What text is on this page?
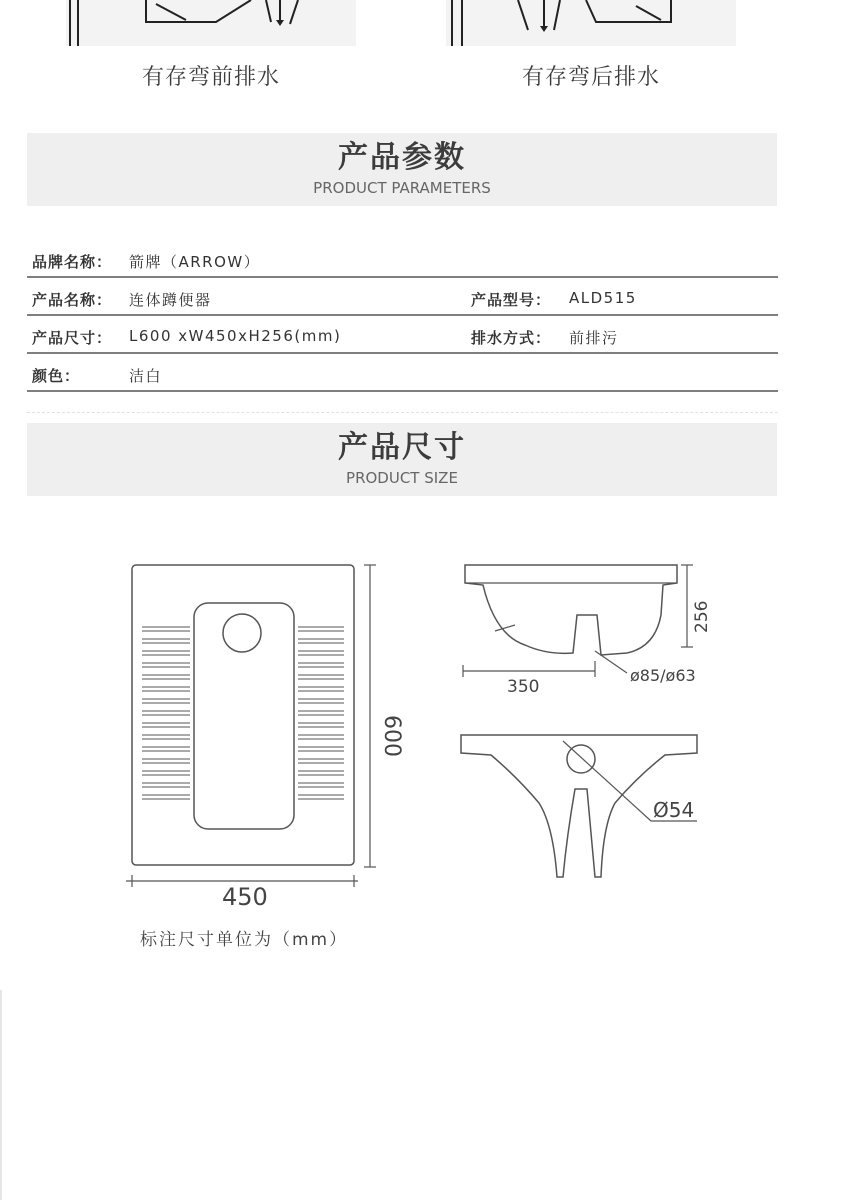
有存弯前排水	有存弯后排水
产品参数
PRODUCT PARAMETERS
品牌名称： 箭牌（ARROW）
产品名称： 连体蹲便器	产品型号： ALD515
产品尺寸： L600 xW450xH256(mm)	排水方式： 前排污
颜色：	洁白
产品尺寸
PRODUCT SIZE
600
450
256
350
ø85/ø63
Ø54
标注尺寸单位为（mm）
